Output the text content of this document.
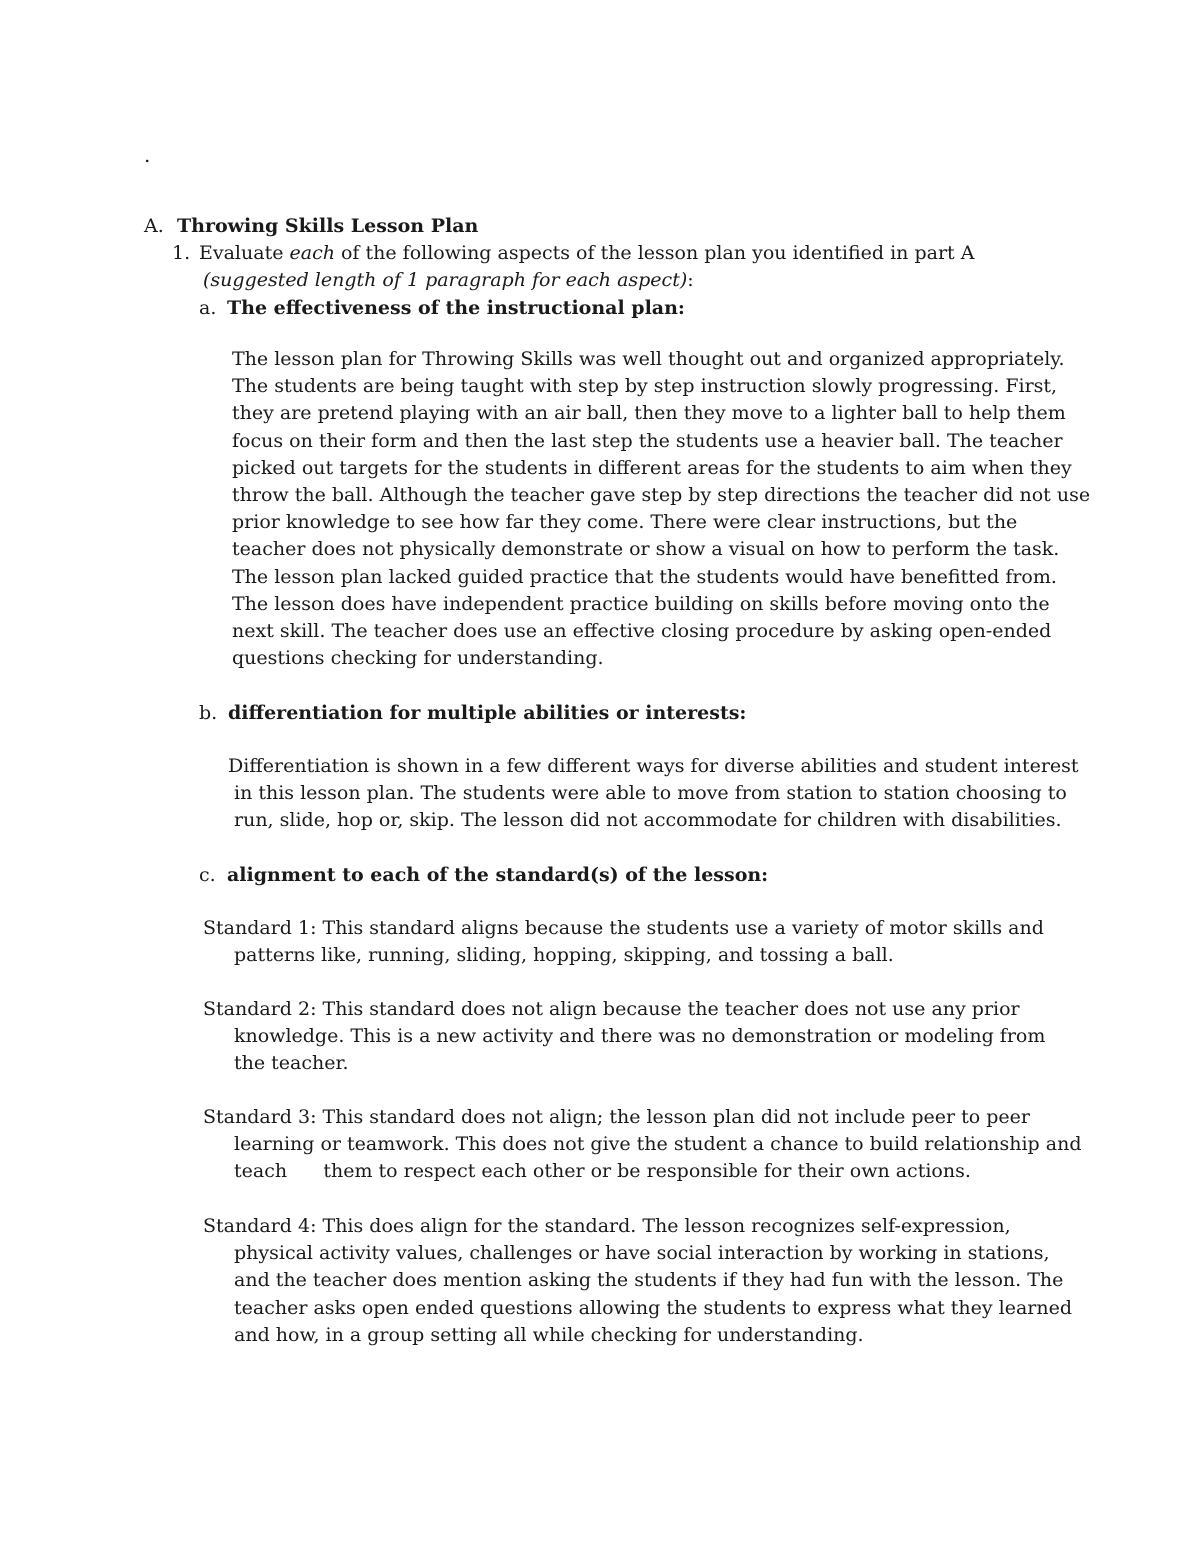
.
A. Throwing Skills Lesson Plan
1. Evaluate each of the following aspects of the lesson plan you identified in part A
(suggested length of 1 paragraph for each aspect):
a. The effectiveness of the instructional plan:
The lesson plan for Throwing Skills was well thought out and organized appropriately.
The students are being taught with step by step instruction slowly progressing. First,
they are pretend playing with an air ball, then they move to a lighter ball to help them
focus on their form and then the last step the students use a heavier ball. The teacher
picked out targets for the students in different areas for the students to aim when they
throw the ball. Although the teacher gave step by step directions the teacher did not use
prior knowledge to see how far they come. There were clear instructions, but the
teacher does not physically demonstrate or show a visual on how to perform the task.
The lesson plan lacked guided practice that the students would have benefitted from.
The lesson does have independent practice building on skills before moving onto the
next skill. The teacher does use an effective closing procedure by asking open-ended
questions checking for understanding.
b. differentiation for multiple abilities or interests:
Differentiation is shown in a few different ways for diverse abilities and student interest
in this lesson plan. The students were able to move from station to station choosing to
run, slide, hop or, skip. The lesson did not accommodate for children with disabilities.
c. alignment to each of the standard(s) of the lesson:
Standard 1: This standard aligns because the students use a variety of motor skills and
patterns like, running, sliding, hopping, skipping, and tossing a ball.
Standard 2: This standard does not align because the teacher does not use any prior
knowledge. This is a new activity and there was no demonstration or modeling from
the teacher.
Standard 3: This standard does not align; the lesson plan did not include peer to peer
learning or teamwork. This does not give the student a chance to build relationship and
teach      them to respect each other or be responsible for their own actions.
Standard 4: This does align for the standard. The lesson recognizes self-expression,
physical activity values, challenges or have social interaction by working in stations,
and the teacher does mention asking the students if they had fun with the lesson. The
teacher asks open ended questions allowing the students to express what they learned
and how, in a group setting all while checking for understanding.
